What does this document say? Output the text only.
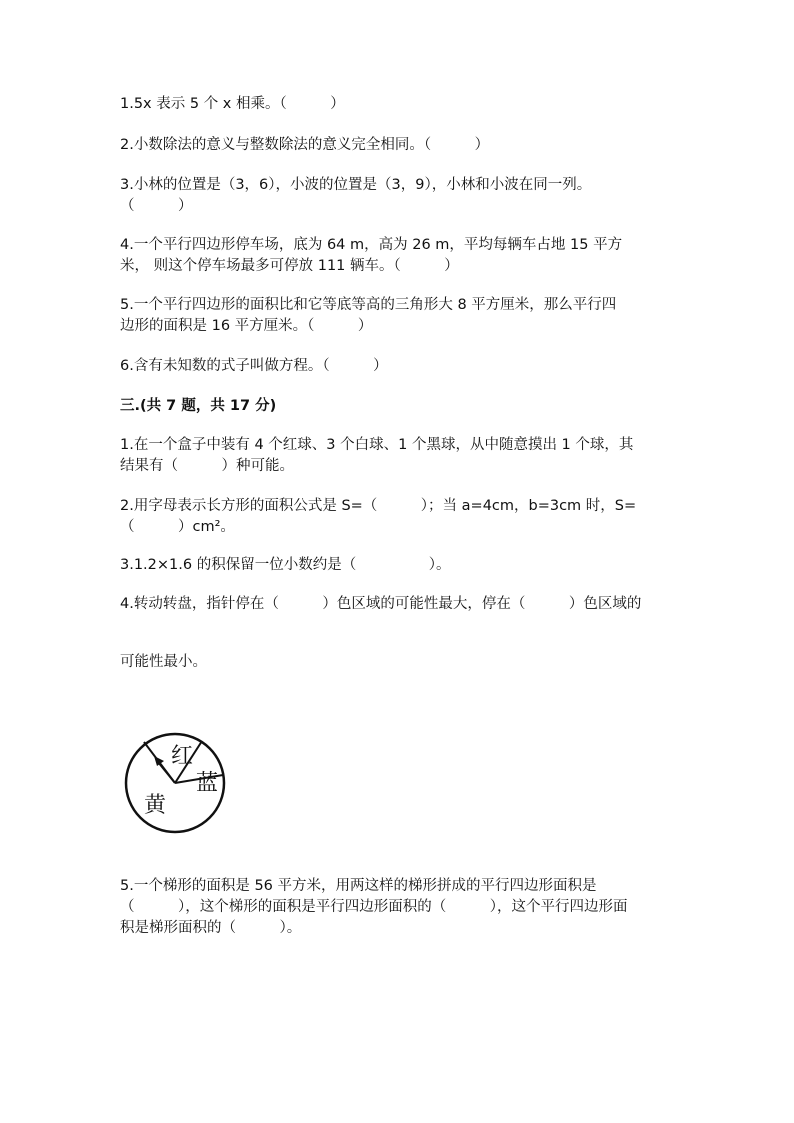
1.5x 表示 5 个 x 相乘。（　　　）

2.小数除法的意义与整数除法的意义完全相同。（　　　）

3.小林的位置是（3，6），小波的位置是（3，9），小林和小波在同一列。

（　　　）

4.一个平行四边形停车场，底为 64 m，高为 26 m，平均每辆车占地 15 平方

米， 则这个停车场最多可停放 111 辆车。（　　　）

5.一个平行四边形的面积比和它等底等高的三角形大 8 平方厘米，那么平行四

边形的面积是 16 平方厘米。（　　　）

6.含有未知数的式子叫做方程。（　　　）

三.(共 7 题，共 17 分)

1.在一个盒子中装有 4 个红球、3 个白球、1 个黑球，从中随意摸出 1 个球，其

结果有（　　　）种可能。

2.用字母表示长方形的面积公式是 S=（　　　）；当 a=4cm，b=3cm 时，S=

（　　　）cm²。

3.1.2×1.6 的积保留一位小数约是（　　　　　）。

4.转动转盘，指针停在（　　　）色区域的可能性最大，停在（　　　）色区域的

可能性最小。

红
蓝
黄

5.一个梯形的面积是 56 平方米，用两这样的梯形拼成的平行四边形面积是

（　　　），这个梯形的面积是平行四边形面积的（　　　），这个平行四边形面

积是梯形面积的（　　　）。
